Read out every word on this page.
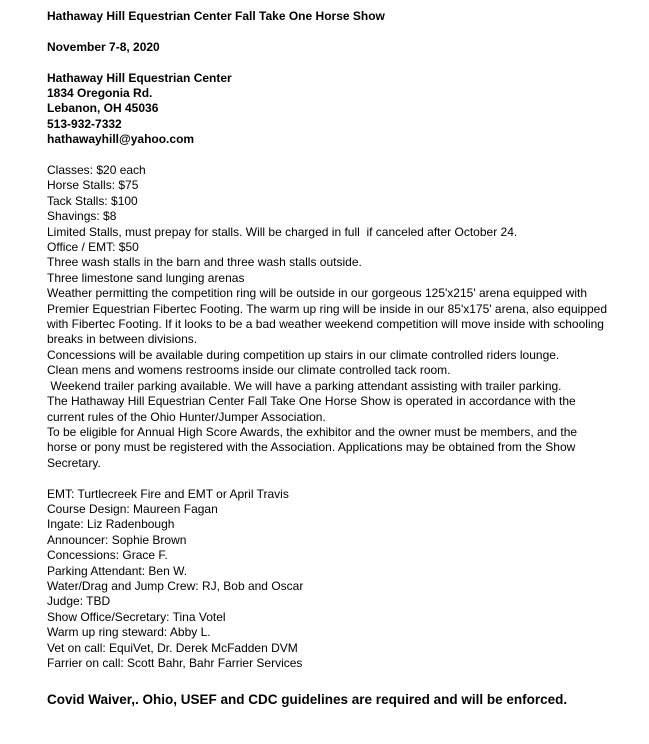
Hathaway Hill Equestrian Center Fall Take One Horse Show
November 7-8, 2020
Hathaway Hill Equestrian Center
1834 Oregonia Rd.
Lebanon, OH 45036
513-932-7332
hathawayhill@yahoo.com
Classes: $20 each
Horse Stalls: $75
Tack Stalls: $100
Shavings: $8
Limited Stalls, must prepay for stalls. Will be charged in full  if canceled after October 24.
Office / EMT: $50
Three wash stalls in the barn and three wash stalls outside.
Three limestone sand lunging arenas
Weather permitting the competition ring will be outside in our gorgeous 125'x215' arena equipped with
Premier Equestrian Fibertec Footing. The warm up ring will be inside in our 85'x175' arena, also equipped
with Fibertec Footing. If it looks to be a bad weather weekend competition will move inside with schooling
breaks in between divisions.
Concessions will be available during competition up stairs in our climate controlled riders lounge.
Clean mens and womens restrooms inside our climate controlled tack room.
Weekend trailer parking available. We will have a parking attendant assisting with trailer parking.
The Hathaway Hill Equestrian Center Fall Take One Horse Show is operated in accordance with the
current rules of the Ohio Hunter/Jumper Association.
To be eligible for Annual High Score Awards, the exhibitor and the owner must be members, and the
horse or pony must be registered with the Association. Applications may be obtained from the Show
Secretary.
EMT: Turtlecreek Fire and EMT or April Travis
Course Design: Maureen Fagan
Ingate: Liz Radenbough
Announcer: Sophie Brown
Concessions: Grace F.
Parking Attendant: Ben W.
Water/Drag and Jump Crew: RJ, Bob and Oscar
Judge: TBD
Show Office/Secretary: Tina Votel
Warm up ring steward: Abby L.
Vet on call: EquiVet, Dr. Derek McFadden DVM
Farrier on call: Scott Bahr, Bahr Farrier Services
Covid Waiver,. Ohio, USEF and CDC guidelines are required and will be enforced.
